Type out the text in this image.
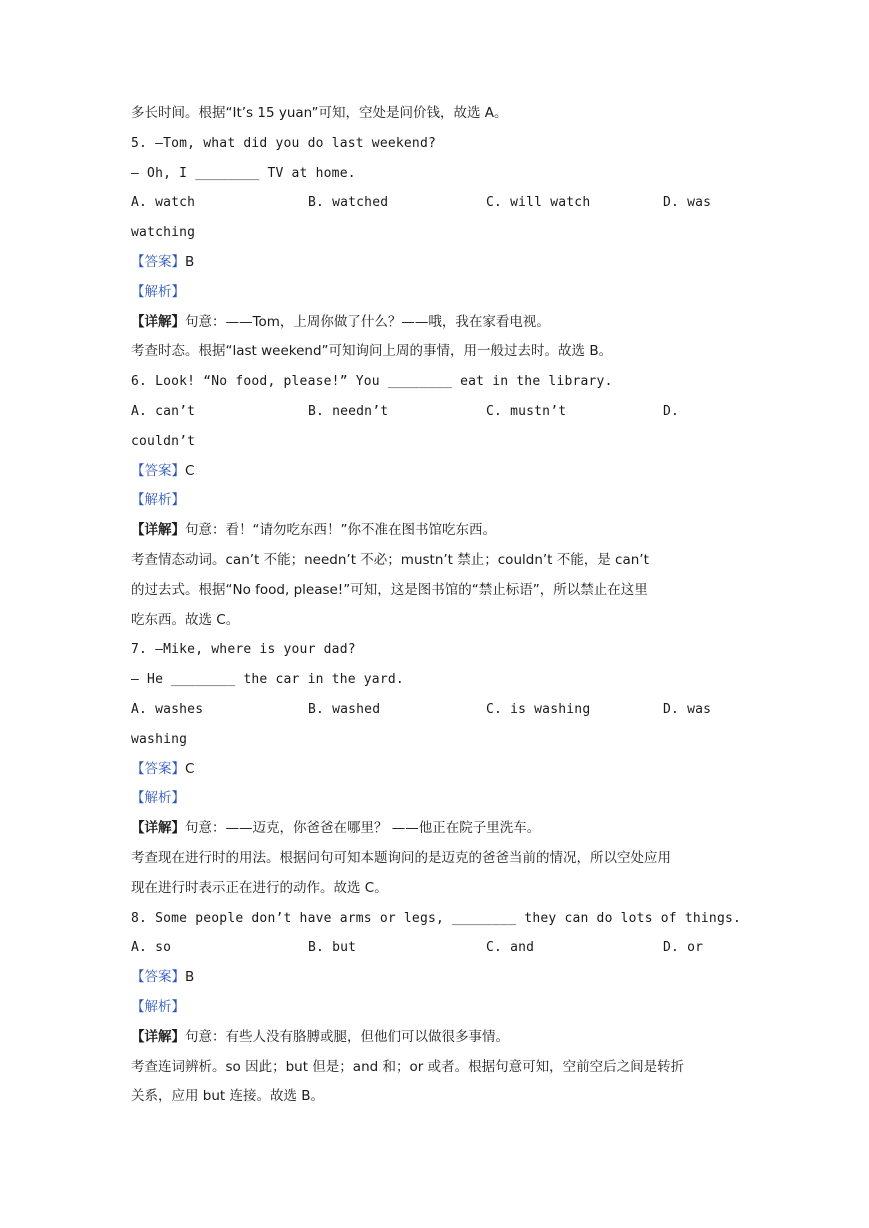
多长时间。根据“It’s 15 yuan”可知，空处是问价钱，故选 A。
5. —Tom, what did you do last weekend?
— Oh, I ________ TV at home.
A. watch	B. watched	C. will watch	D. was
watching
【答案】B
【解析】
【详解】句意：——Tom，上周你做了什么？——哦，我在家看电视。
考查时态。根据“last weekend”可知询问上周的事情，用一般过去时。故选 B。
6. Look! “No food, please!” You ________ eat in the library.
A. can’t	B. needn’t	C. mustn’t	D.
couldn’t
【答案】C
【解析】
【详解】句意：看！“请勿吃东西！”你不准在图书馆吃东西。
考查情态动词。can’t 不能；needn’t 不必；mustn’t 禁止；couldn’t 不能，是 can’t
的过去式。根据“No food, please!”可知，这是图书馆的“禁止标语”，所以禁止在这里
吃东西。故选 C。
7. —Mike, where is your dad?
— He ________ the car in the yard.
A. washes	B. washed	C. is washing	D. was
washing
【答案】C
【解析】
【详解】句意：——迈克，你爸爸在哪里？ ——他正在院子里洗车。
考查现在进行时的用法。根据问句可知本题询问的是迈克的爸爸当前的情况，所以空处应用
现在进行时表示正在进行的动作。故选 C。
8. Some people don’t have arms or legs, ________ they can do lots of things.
A. so	B. but	C. and	D. or
【答案】B
【解析】
【详解】句意：有些人没有胳膊或腿，但他们可以做很多事情。
考查连词辨析。so 因此；but 但是；and 和；or 或者。根据句意可知，空前空后之间是转折
关系，应用 but 连接。故选 B。
